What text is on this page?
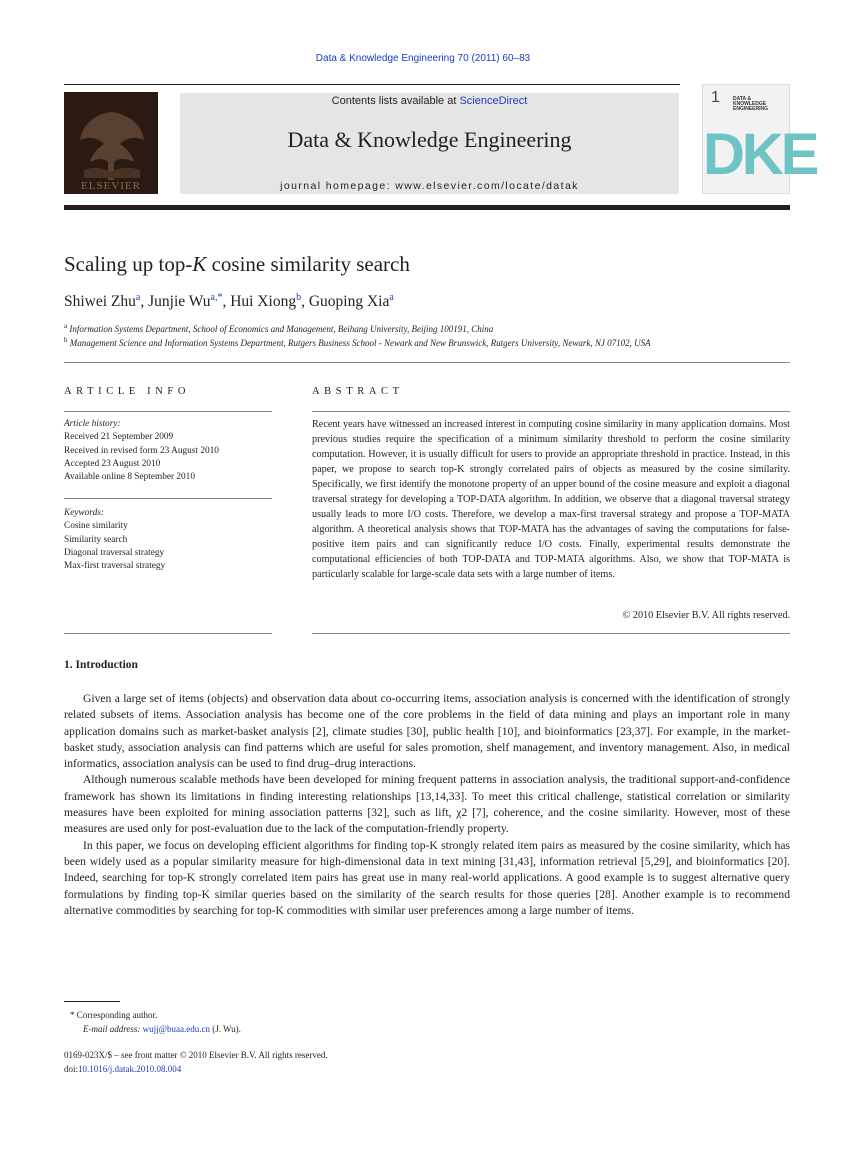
Data & Knowledge Engineering 70 (2011) 60–83
ELSEVIER
Contents lists available at ScienceDirect
Data & Knowledge Engineering
journal homepage: www.elsevier.com/locate/datak
1	DATA & KNOWLEDGE ENGINEERING
DKE
Scaling up top-K cosine similarity search
Shiwei Zhu$^a$, Junjie $Wu^{a,*}$, Hui Xiong$^b$, Guoping Xia$^a$
$^a$ Information Systems Department, School of Economics and Management, Beihang University, Beijing 100191, China
$^b$ Management Science and Information Systems Department, Rutgers Business School - Newark and New Brunswick, Rutgers University, Newark, NJ 07102, USA
ARTICLE INFO
Article history:
Received 21 September 2009
Received in revised form 23 August 2010
Accepted 23 August 2010
Available online 8 September 2010
Keywords:
Cosine similarity
Similarity search
Diagonal traversal strategy
Max-first traversal strategy
ABSTRACT
Recent years have witnessed an increased interest in computing cosine similarity in many application domains. Most previous studies require the specification of a minimum similarity threshold to perform the cosine similarity computation. However, it is usually difficult for users to provide an appropriate threshold in practice. Instead, in this paper, we propose to search top-K strongly correlated pairs of objects as measured by the cosine similarity. Specifically, we first identify the monotone property of an upper bound of the cosine measure and exploit a diagonal traversal strategy for developing a TOP-DATA algorithm. In addition, we observe that a diagonal traversal strategy usually leads to more I/O costs. Therefore, we develop a max-first traversal strategy and propose a TOP-MATA algorithm. A theoretical analysis shows that TOP-MATA has the advantages of saving the computations for false-positive item pairs and can significantly reduce I/O costs. Finally, experimental results demonstrate the computational efficiencies of both TOP-DATA and TOP-MATA algorithms. Also, we show that TOP-MATA is particularly scalable for large-scale data sets with a large number of items.
© 2010 Elsevier B.V. All rights reserved.
1. Introduction

Given a large set of items (objects) and observation data about co-occurring items, association analysis is concerned with the identification of strongly related subsets of items. Association analysis has become one of the core problems in the field of data mining and plays an important role in many application domains such as market-basket analysis [2], climate studies [30], public health [10], and bioinformatics [23,37]. For example, in the market-basket study, association analysis can find patterns which are useful for sales promotion, shelf management, and inventory management. Also, in medical informatics, association analysis can be used to find drug–drug interactions.

Although numerous scalable methods have been developed for mining frequent patterns in association analysis, the traditional support-and-confidence framework has shown its limitations in finding interesting relationships [13,14,33]. To meet this critical challenge, statistical correlation or similarity measures have been exploited for mining association patterns [32], such as lift, χ2 [7], coherence, and the cosine similarity. However, most of these measures are used only for post-evaluation due to the lack of the computation-friendly property.

In this paper, we focus on developing efficient algorithms for finding top-K strongly related item pairs as measured by the cosine similarity, which has been widely used as a popular similarity measure for high-dimensional data in text mining [31,43], information retrieval [5,29], and bioinformatics [20]. Indeed, searching for top-K strongly correlated item pairs has great use in many real-world applications. A good example is to suggest alternative query formulations by finding top-K similar queries based on the similarity of the search results for those queries [28]. Another example is to recommend alternative commodities by searching for top-K commodities with similar user preferences among a large number of items.

* Corresponding author.
E-mail address: wujj@buaa.edu.cn (J. Wu).
0169-023X/$ – see front matter © 2010 Elsevier B.V. All rights reserved.
doi:10.1016/j.datak.2010.08.004
